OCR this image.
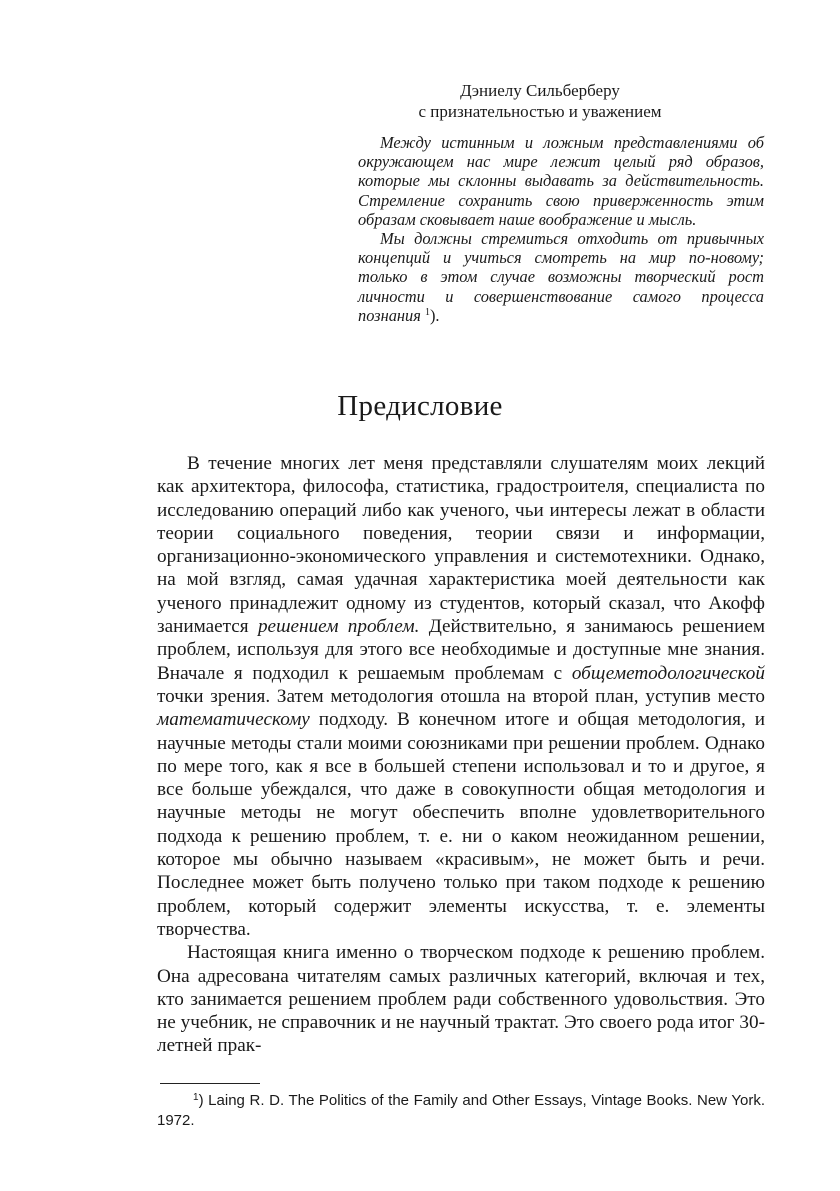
Дэниелу Сильберберу
с признательностью и уважением

Между истинным и ложным представлениями об окружающем нас мире лежит целый ряд образов, которые мы склонны выдавать за действительность. Стремление сохранить свою приверженность этим образам сковывает наше воображение и мысль.

Мы должны стремиться отходить от привычных концепций и учиться смотреть на мир по-новому; только в этом случае возможны творческий рост личности и совершенствование самого процесса познания $^1$).

Предисловие

В течение многих лет меня представляли слушателям моих лекций как архитектора, философа, статистика, градостроителя, специалиста по исследованию операций либо как ученого, чьи интересы лежат в области теории социального поведения, теории связи и информации, организационно-экономического управления и системотехники. Однако, на мой взгляд, самая удачная характеристика моей деятельности как ученого принадлежит одному из студентов, который сказал, что Акофф занимается решением проблем. Действительно, я занимаюсь решением проблем, используя для этого все необходимые и доступные мне знания. Вначале я подходил к решаемым проблемам с общеметодологической точки зрения. Затем методология отошла на второй план, уступив место математическому подходу. В конечном итоге и общая методология, и научные методы стали моими союзниками при решении проблем. Однако по мере того, как я все в большей степени использовал и то и другое, я все больше убеждался, что даже в совокупности общая методология и научные методы не могут обеспечить вполне удовлетворительного подхода к решению проблем, т. е. ни о каком неожиданном решении, которое мы обычно называем «красивым», не может быть и речи. Последнее может быть получено только при таком подходе к решению проблем, который содержит элементы искусства, т. е. элементы творчества.

Настоящая книга именно о творческом подходе к решению проблем. Она адресована читателям самых различных категорий, включая и тех, кто занимается решением проблем ради собственного удовольствия. Это не учебник, не справочник и не научный трактат. Это своего рода итог 30-летней прак-

$^1$) Laing R. D. The Politics of the Family and Other Essays, Vintage Books. New York. 1972.
